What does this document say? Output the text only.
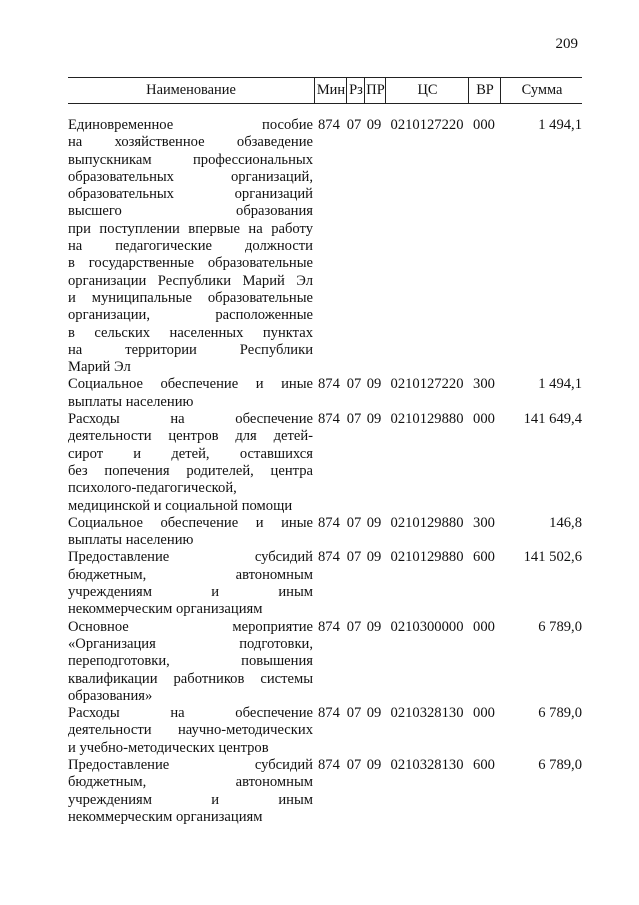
209
Наименование	Мин Рз ПР	ЦС	ВР	Сумма
Единовременное пособие
на хозяйственное обзаведение
выпускникам профессиональных
образовательных организаций,
образовательных организаций
высшего образования
при поступлении впервые на работу
на педагогические должности
в государственные образовательные
организации Республики Марий Эл
и муниципальные образовательные
организации, расположенные
в сельских населенных пунктах
на территории Республики
Марий Эл
874 07 09 0210127220 000	1 494,1
Социальное обеспечение и иные
выплаты населению
874 07 09 0210127220 300	1 494,1
Расходы на обеспечение
деятельности центров для детей-
сирот и детей, оставшихся
без попечения родителей, центра
психолого-педагогической,
медицинской и социальной помощи
874 07 09 0210129880 000	141 649,4
Социальное обеспечение и иные
выплаты населению
874 07 09 0210129880 300	146,8
Предоставление субсидий
бюджетным, автономным
учреждениям и иным
некоммерческим организациям
874 07 09 0210129880 600	141 502,6
Основное мероприятие
«Организация подготовки,
переподготовки, повышения
квалификации работников системы
образования»
874 07 09 0210300000 000	6 789,0
Расходы на обеспечение
деятельности научно-методических
и учебно-методических центров
874 07 09 0210328130 000	6 789,0
Предоставление субсидий
бюджетным, автономным
учреждениям и иным
некоммерческим организациям
874 07 09 0210328130 600	6 789,0
